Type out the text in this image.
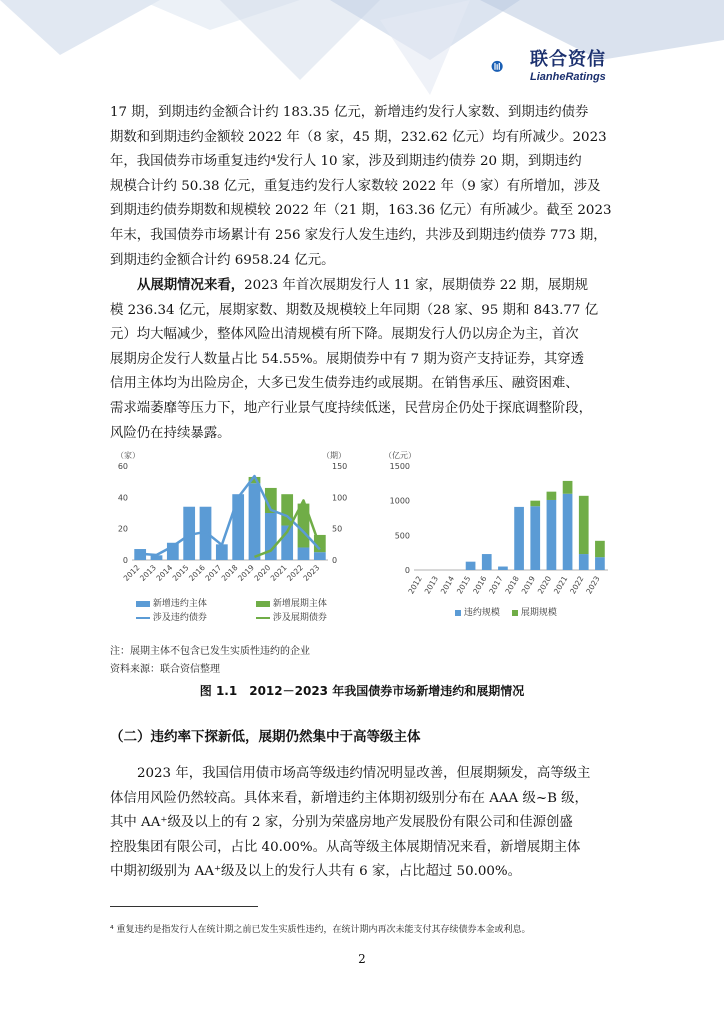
联合资信
LianheRatings
17 期，到期违约金额合计约 183.35 亿元，新增违约发行人家数、到期违约债券
期数和到期违约金额较 2022 年（8 家，45 期，232.62 亿元）均有所减少。2023
年，我国债券市场重复违约⁴发行人 10 家，涉及到期违约债券 20 期，到期违约
规模合计约 50.38 亿元，重复违约发行人家数较 2022 年（9 家）有所增加，涉及
到期违约债券期数和规模较 2022 年（21 期，163.36 亿元）有所减少。截至 2023
年末，我国债券市场累计有 256 家发行人发生违约，共涉及到期违约债券 773 期，
到期违约金额合计约 6958.24 亿元。
从展期情况来看，2023 年首次展期发行人 11 家，展期债券 22 期，展期规
模 236.34 亿元，展期家数、期数及规模较上年同期（28 家、95 期和 843.77 亿
元）均大幅减少，整体风险出清规模有所下降。展期发行人仍以房企为主，首次
展期房企发行人数量占比 54.55%。展期债券中有 7 期为资产支持证券，其穿透
信用主体均为出险房企，大多已发生债券违约或展期。在销售承压、融资困难、
需求端萎靡等压力下，地产行业景气度持续低迷，民营房企仍处于探底调整阶段，
风险仍在持续暴露。
（家）	（期）
0
20
40
60
0
50
100
150
2012
2013
2014
2015
2016
2017
2018
2019
2020
2021
2022
2023
（亿元）
0
500
1000
1500
2012
2013
2014
2015
2016
2017
2018
2019
2020
2021
2022
2023
新增违约主体	新增展期主体
涉及违约债券	涉及展期债券	违约规模	展期规模
注：展期主体不包含已发生实质性违约的企业
资料来源：联合资信整理
图 1.1　2012－2023 年我国债券市场新增违约和展期情况
（二）违约率下探新低，展期仍然集中于高等级主体
2023 年，我国信用债市场高等级违约情况明显改善，但展期频发，高等级主
体信用风险仍然较高。具体来看，新增违约主体期初级别分布在 AAA 级~B 级，
其中 AA⁺级及以上的有 2 家，分别为荣盛房地产发展股份有限公司和佳源创盛
控股集团有限公司，占比 40.00%。从高等级主体展期情况来看，新增展期主体
中期初级别为 AA⁺级及以上的发行人共有 6 家，占比超过 50.00%。
⁴ 重复违约是指发行人在统计期之前已发生实质性违约，在统计期内再次未能支付其存续债券本金或利息。
2
